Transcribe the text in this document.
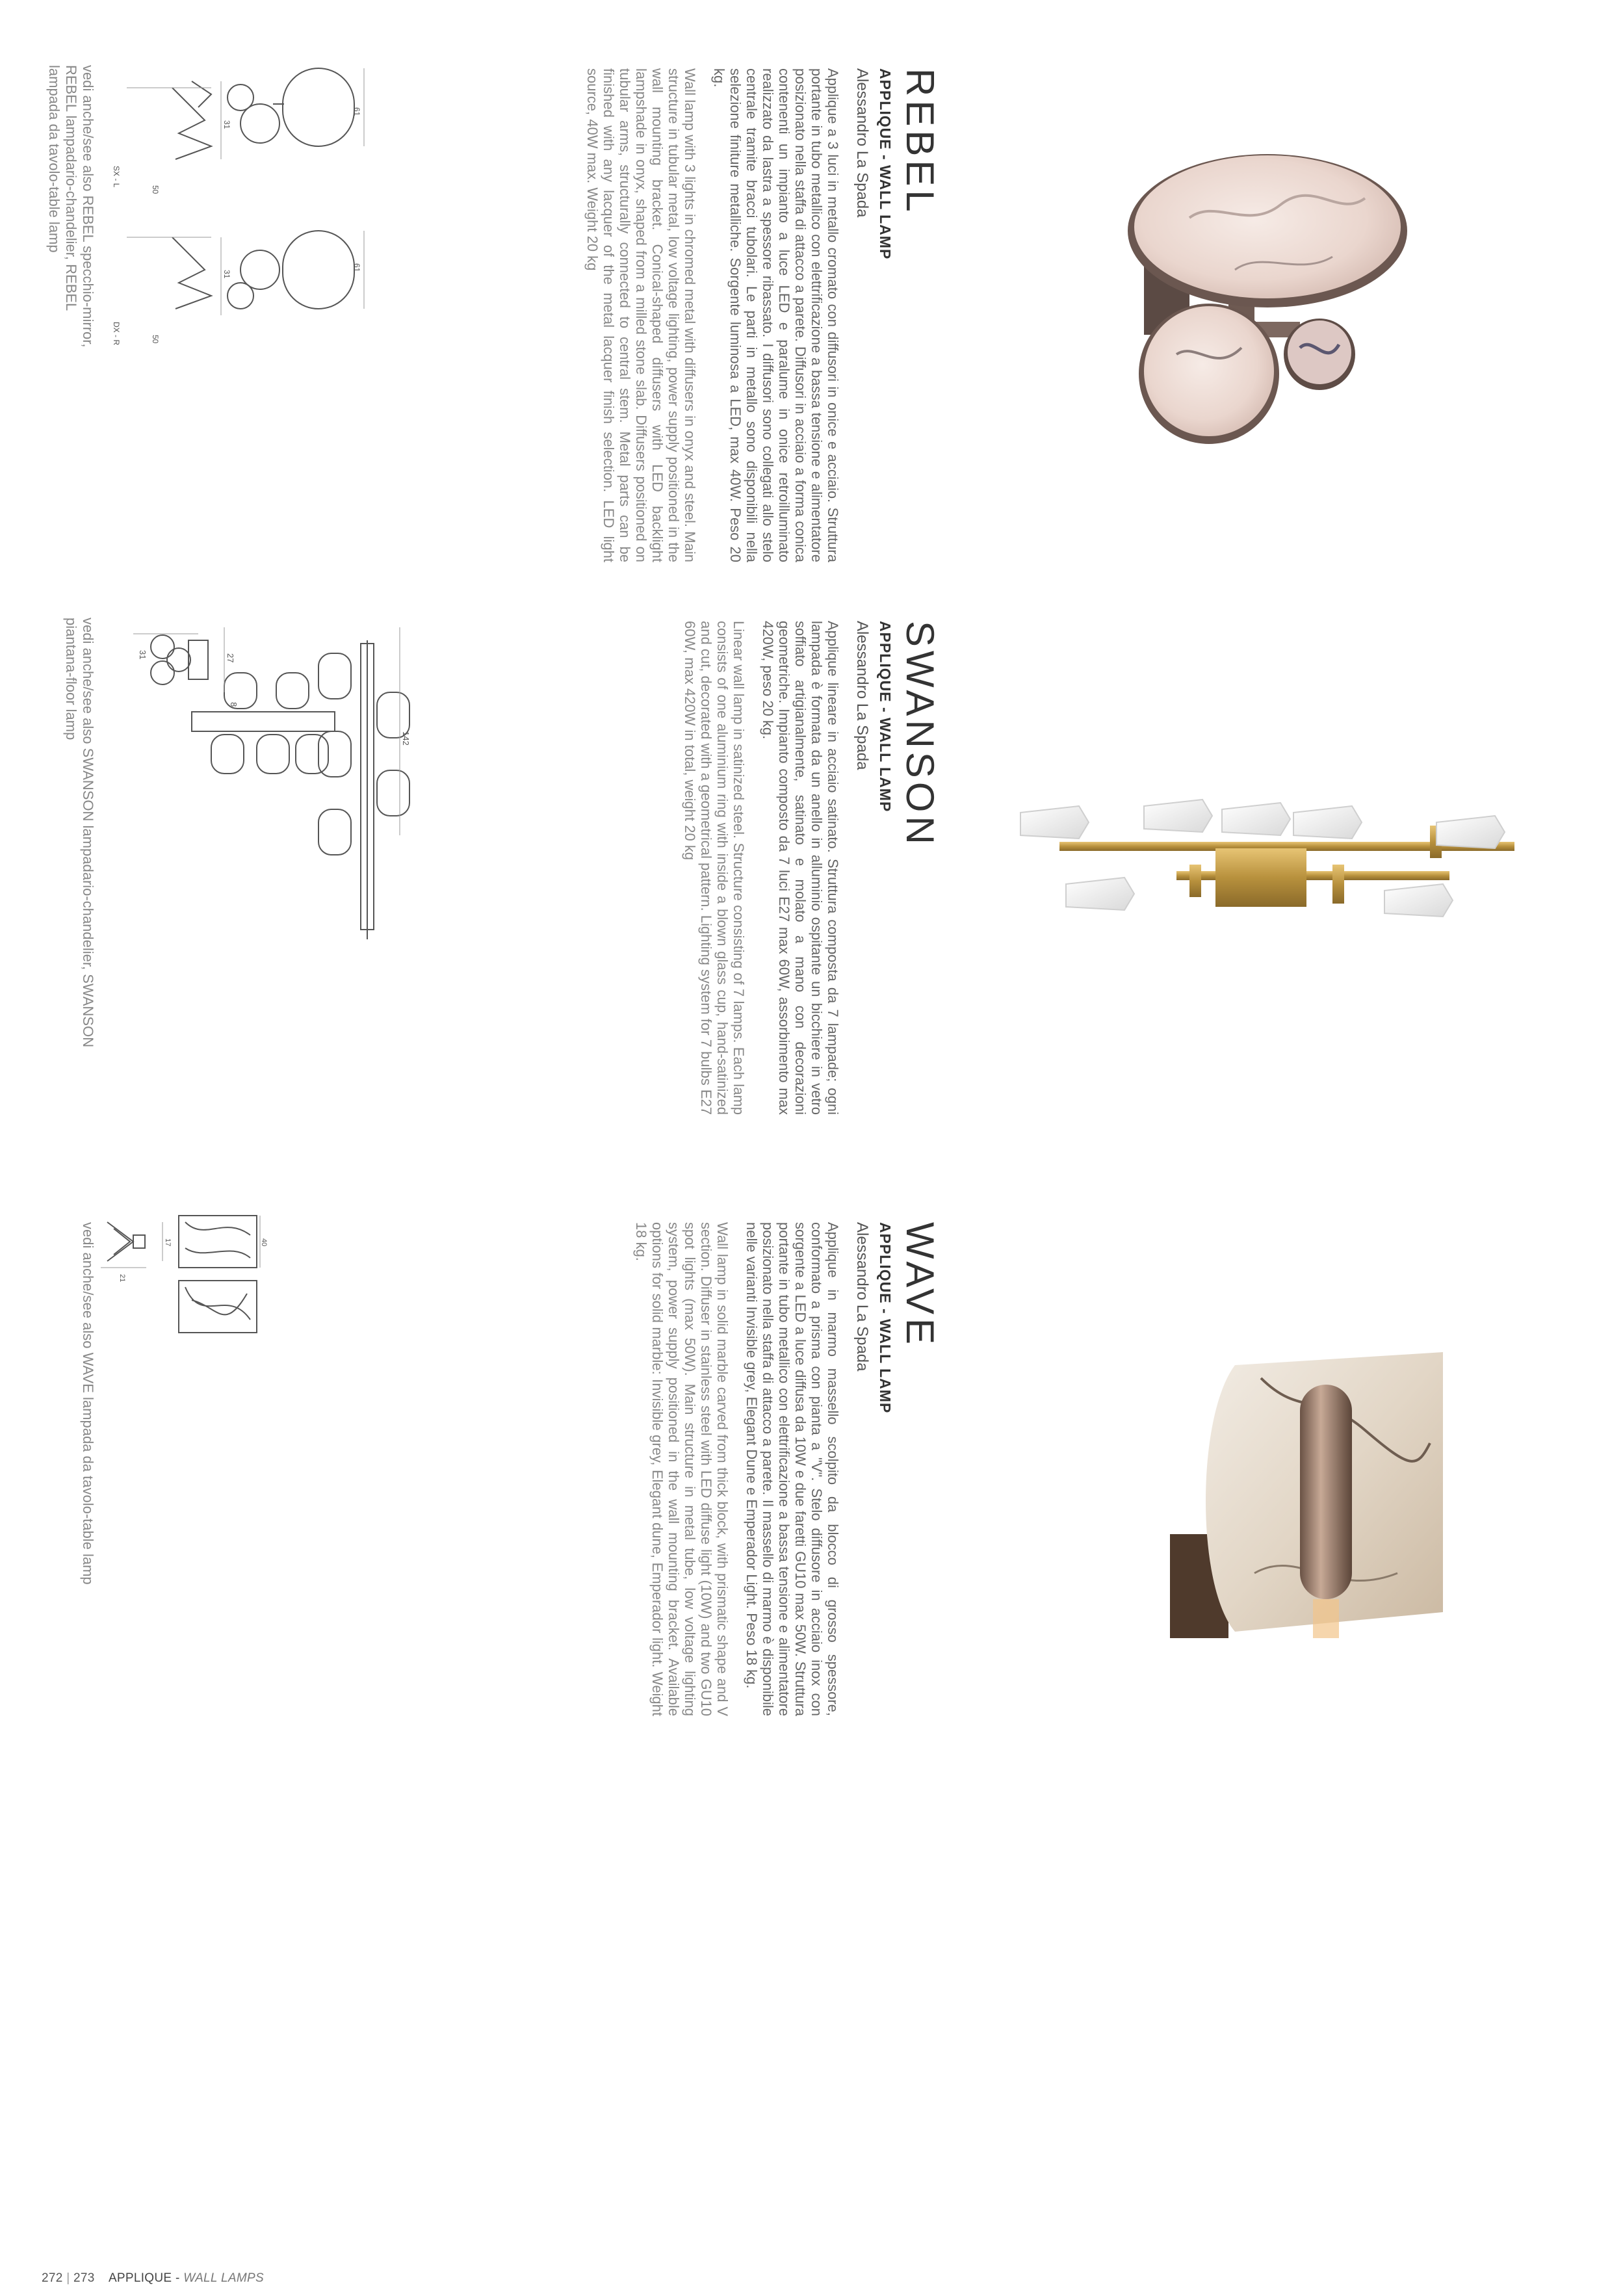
REBEL
APPLIQUE - WALL LAMP
Alessandro La Spada
Applique a 3 luci in metallo cromato con diffusori in onice e acciaio. Struttura portante in tubo metallico con elettrificazione a bassa tensione e alimentatore posizionato nella staffa di attacco a parete. Diffusori in acciaio a forma conica contenenti un impianto a luce LED e paralume in onice retroilluminato realizzato da lastra a spessore ribassato. I diffusori sono collegati allo stelo centrale tramite bracci tubolari. Le parti in metallo sono disponibili nella selezione finiture metalliche. Sorgente luminosa a LED, max 40W. Peso 20 kg.
Wall lamp with 3 lights in chromed metal with diffusers in onyx and steel. Main structure in tubular metal, low voltage lighting, power supply positioned in the wall mounting bracket. Conical-shaped diffusers with LED backlight lampshade in onyx, shaped from a milled stone slab. Diffusers positioned on tubular arms, structurally connected to central stem. Metal parts can be finished with any lacquer of the metal lacquer finish selection. LED light source, 40W max. Weight 20 kg
vedi anche/see also REBEL specchio-mirror, REBEL lampadario-chandelier, REBEL lampada da tavolo-table lamp	61
31
50
SX - L
61
31
50
DX - R
SWANSON
APPLIQUE - WALL LAMP
Alessandro La Spada
Applique lineare in acciaio satinato. Struttura composta da 7 lampade; ogni lampada è formata da un anello in alluminio ospitante un bicchiere in vetro soffiato artigianalmente, satinato e molato a mano con decorazioni geometriche. Impianto composto da 7 luci E27 max 60W, assorbimento max 420W, peso 20 kg.
Linear wall lamp in satinized steel. Structure consisting of 7 lamps. Each lamp consists of one aluminium ring with inside a blown glass cup, hand-satinized and cut, decorated with a geometrical pattern. Lighting system for 7 bulbs E27 60W, max 420W in total, weight 20 kg
vedi anche/see also SWANSON lampadario-chandelier, SWANSON piantana-floor lamp	142
27
31
8
WAVE
APPLIQUE - WALL LAMP
Alessandro La Spada
Applique in marmo massello scolpito da blocco di grosso spessore, conformato a prisma con pianta a "V". Stelo diffusore in acciaio inox con sorgente a LED a luce diffusa da 10W e due faretti GU10 max 50W. Struttura portante in tubo metallico con elettrificazione a bassa tensione e alimentatore posizionato nella staffa di attacco a parete. Il massello di marmo è disponibile nelle varianti Invisible grey, Elegant Dune e Emperador Light. Peso 18 kg.
Wall lamp in solid marble carved from thick block, with prismatic shape and V section. Diffuser in stainless steel with LED diffuse light (10W) and two GU10 spot lights (max 50W). Main structure in metal tube, low voltage lighting system, power supply positioned in the wall mounting bracket. Available options for solid marble: Invisible grey, Elegant dune, Emperador light. Weight 18 kg.
vedi anche/see also WAVE lampada da tavolo-table lamp	40
17
21
272 | 273 APPLIQUE - WALL LAMPS
